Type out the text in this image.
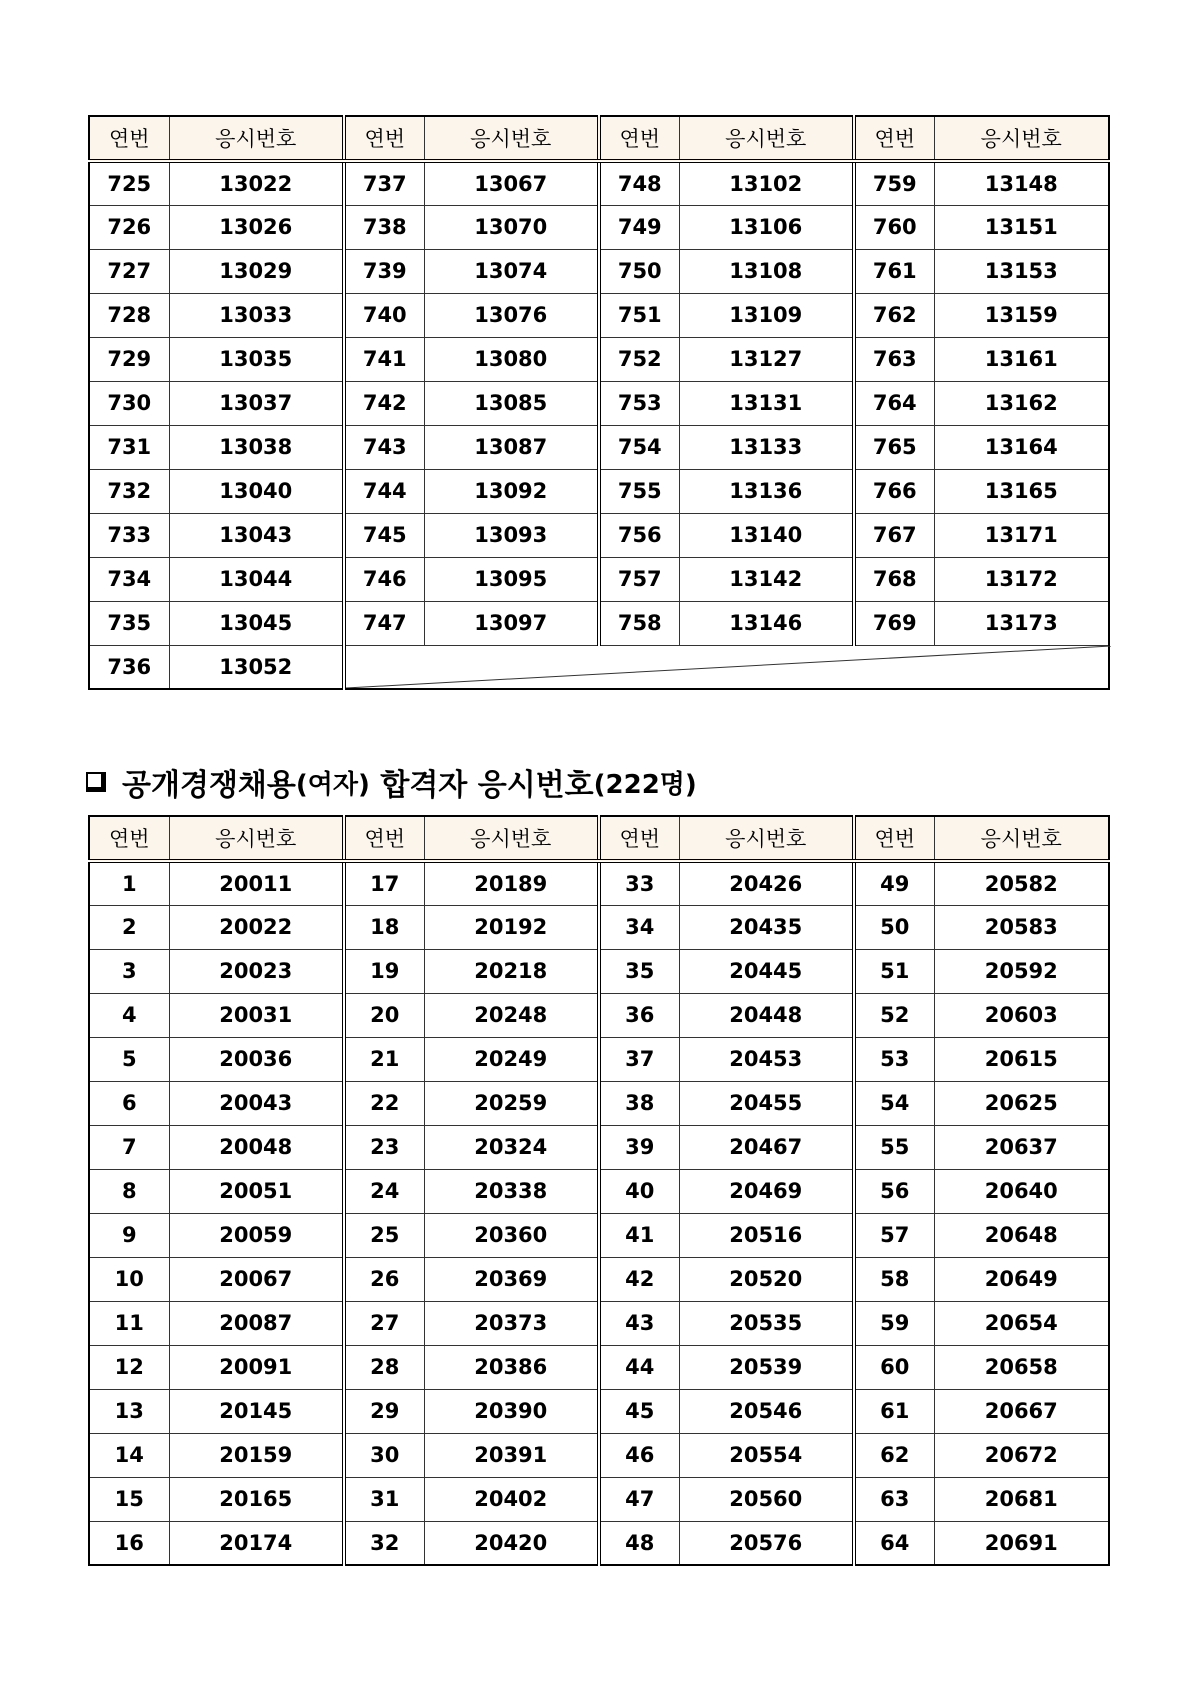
연번	응시번호	연번	응시번호	연번	응시번호	연번	응시번호
725	13022	737	13067	748	13102	759	13148
726	13026	738	13070	749	13106	760	13151
727	13029	739	13074	750	13108	761	13153
728	13033	740	13076	751	13109	762	13159
729	13035	741	13080	752	13127	763	13161
730	13037	742	13085	753	13131	764	13162
731	13038	743	13087	754	13133	765	13164
732	13040	744	13092	755	13136	766	13165
733	13043	745	13093	756	13140	767	13171
734	13044	746	13095	757	13142	768	13172
735	13045	747	13097	758	13146	769	13173
736	13052	
공개경쟁채용 (여자) 합격자 응시번호 (222명)
연번	응시번호	연번	응시번호	연번	응시번호	연번	응시번호
1	20011	17	20189	33	20426	49	20582
2	20022	18	20192	34	20435	50	20583
3	20023	19	20218	35	20445	51	20592
4	20031	20	20248	36	20448	52	20603
5	20036	21	20249	37	20453	53	20615
6	20043	22	20259	38	20455	54	20625
7	20048	23	20324	39	20467	55	20637
8	20051	24	20338	40	20469	56	20640
9	20059	25	20360	41	20516	57	20648
10	20067	26	20369	42	20520	58	20649
11	20087	27	20373	43	20535	59	20654
12	20091	28	20386	44	20539	60	20658
13	20145	29	20390	45	20546	61	20667
14	20159	30	20391	46	20554	62	20672
15	20165	31	20402	47	20560	63	20681
16	20174	32	20420	48	20576	64	20691
